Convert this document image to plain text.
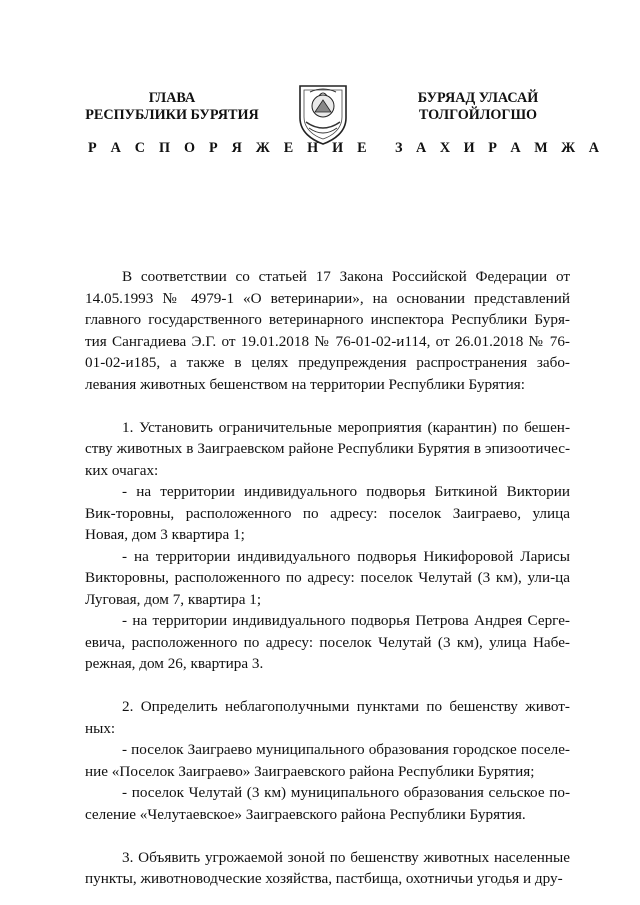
ГЛАВА
РЕСПУБЛИКИ БУРЯТИЯ
БУРЯАД УЛАСАЙ
ТОЛГОЙЛОГШО
Р А С П О Р Я Ж Е Н И Е З А Х И Р А М Ж А

В соответствии со статьей 17 Закона Российской Федерации от 14.05.1993 № 4979-1 «О ветеринарии», на основании представлений главного государственного ветеринарного инспектора Республики Буря-тия Сангадиева Э.Г. от 19.01.2018 № 76-01-02-и114, от 26.01.2018 № 76-01-02-и185, а также в целях предупреждения распространения забо-левания животных бешенством на территории Республики Бурятия:

1. Установить ограничительные мероприятия (карантин) по бешен-ству животных в Заиграевском районе Республики Бурятия в эпизоотичес-ких очагах:

- на территории индивидуального подворья Биткиной Виктории Вик-торовны, расположенного по адресу: поселок Заиграево, улица Новая, дом 3 квартира 1;

- на территории индивидуального подворья Никифоровой Ларисы Викторовны, расположенного по адресу: поселок Челутай (3 км), ули-ца Луговая, дом 7, квартира 1;

- на территории индивидуального подворья Петрова Андрея Серге-евича, расположенного по адресу: поселок Челутай (3 км), улица Набе-режная, дом 26, квартира 3.

2. Определить неблагополучными пунктами по бешенству живот-ных:

- поселок Заиграево муниципального образования городское поселе-ние «Поселок Заиграево» Заиграевского района Республики Бурятия;

- поселок Челутай (3 км) муниципального образования сельское по-селение «Челутаевское» Заиграевского района Республики Бурятия.

3. Объявить угрожаемой зоной по бешенству животных населенные пункты, животноводческие хозяйства, пастбища, охотничьи угодья и дру-
